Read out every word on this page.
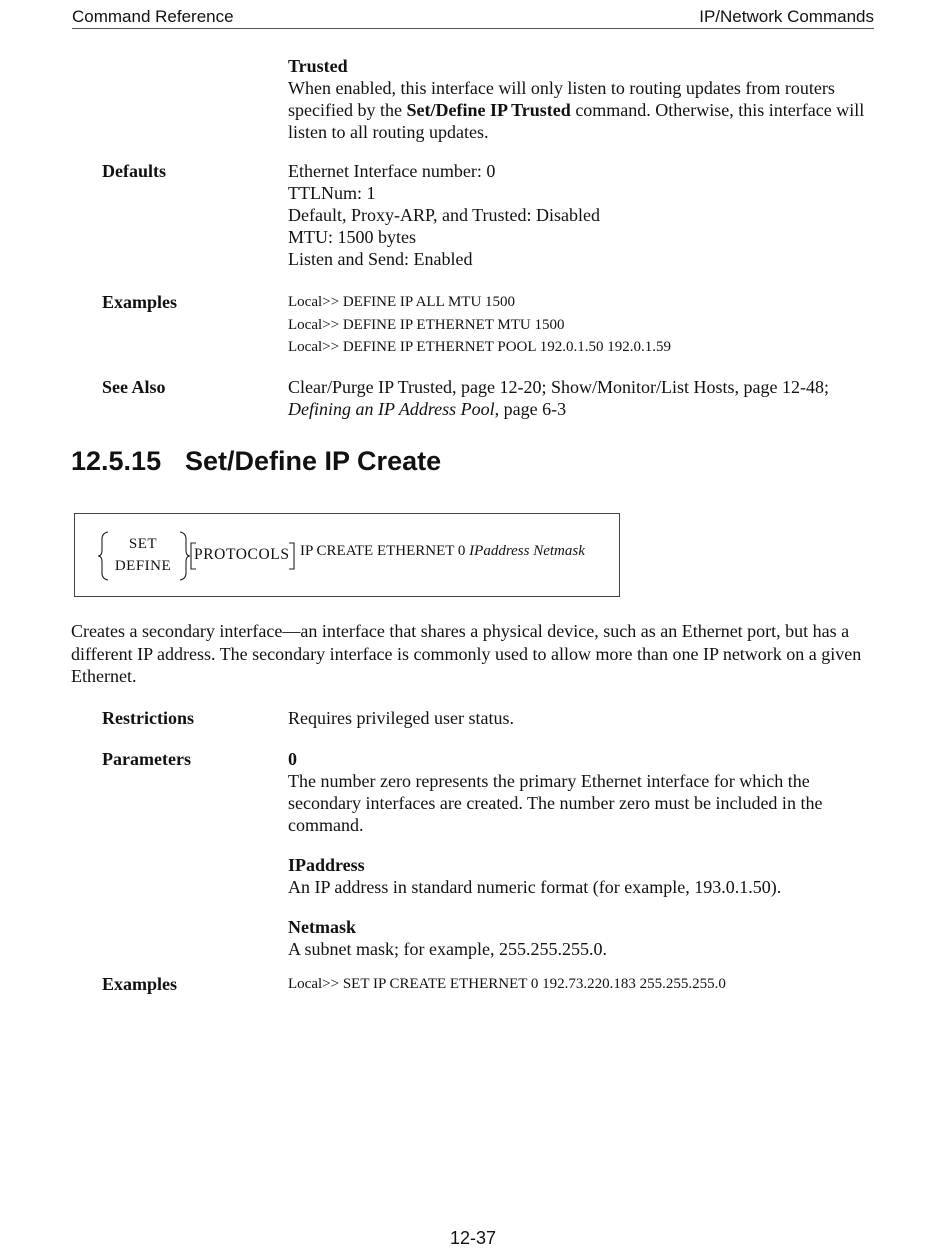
Command Reference	IP/Network Commands
Trusted
When enabled, this interface will only listen to routing updates from routers specified by the Set/Define IP Trusted command. Otherwise, this interface will listen to all routing updates.
Defaults	Ethernet Interface number: 0
TTLNum: 1
Default, Proxy-ARP, and Trusted: Disabled
MTU: 1500 bytes
Listen and Send: Enabled
Examples	Local>> DEFINE IP ALL MTU 1500
Local>> DEFINE IP ETHERNET MTU 1500
Local>> DEFINE IP ETHERNET POOL 192.0.1.50 192.0.1.59
See Also	Clear/Purge IP Trusted, page 12-20; Show/Monitor/List Hosts, page 12-48;
Defining an IP Address Pool, page 6-3
12.5.15 Set/Define IP Create
SET
DEFINE
PROTOCOLS IP CREATE ETHERNET 0 IPaddress Netmask
Creates a secondary interface—an interface that shares a physical device, such as an Ethernet port, but has a different IP address. The secondary interface is commonly used to allow more than one IP network on a given Ethernet.
Restrictions	Requires privileged user status.
Parameters	0
The number zero represents the primary Ethernet interface for which the secondary interfaces are created. The number zero must be included in the command.
IPaddress
An IP address in standard numeric format (for example, 193.0.1.50).
Netmask
A subnet mask; for example, 255.255.255.0.
Examples	Local>> SET IP CREATE ETHERNET 0 192.73.220.183 255.255.255.0
12-37
